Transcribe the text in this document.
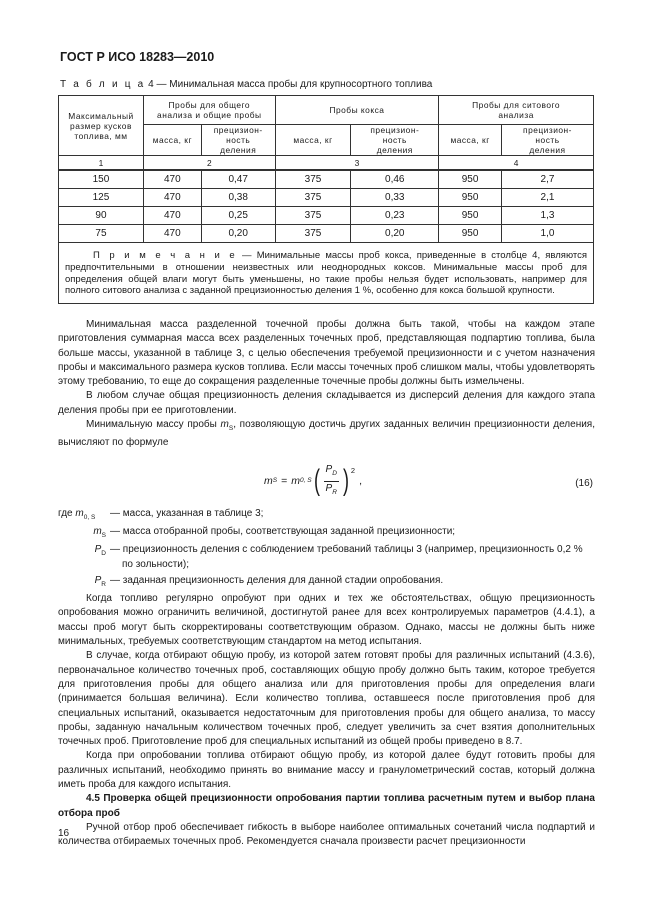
ГОСТ Р ИСО 18283—2010
Т а б л и ц а 4 — Минимальная масса пробы для крупносортного топлива
Максимальный размер кусков топлива, мм	Пробы для общего анализа и общие пробы		Пробы кокса		Пробы для ситового анализа	
	масса, кг	прецизион-ность деления	масса, кг	прецизион-ность деления	масса, кг	прецизион-ность деления
1	2		3		4	
150	470	0,47	375	0,46	950	2,7
125	470	0,38	375	0,33	950	2,1
90	470	0,25	375	0,23	950	1,3
75	470	0,20	375	0,20	950	1,0
П р и м е ч а н и е — Минимальные массы проб кокса, приведенные в столбце 4, являются предпочтительными в отношении неизвестных или неоднородных коксов. Минимальные массы проб для определения общей влаги могут быть уменьшены, но такие пробы нельзя будет использовать, например для полного ситового анализа с заданной прецизионностью деления 1 %, особенно для кокса большой крупности.						

Минимальная масса разделенной точечной пробы должна быть такой, чтобы на каждом этапе приготовления суммарная масса всех разделенных точечных проб, представляющая подпартию топлива, была больше массы, указанной в таблице 3, с целью обеспечения требуемой прецизионности и с учетом назначения пробы и максимального размера кусков топлива. Если массы точечных проб слишком малы, чтобы удовлетворять этому требованию, то еще до сокращения разделенные точечные пробы должны быть измельчены.

В любом случае общая прецизионность деления складывается из дисперсий деления для каждого этапа деления пробы при ее приготовлении.

Минимальную массу пробы $m_S$, позволяющую достичь других заданных величин прецизионности деления, вычисляют по формуле

m S = m 0, S ( $\frac{P_D}{P_R}$ ) $^2$
,	(16)
где $m_{0, S}$	— масса, указанная в таблице 3;
$m_S$ — масса отобранной пробы, соответствующая заданной прецизионности;
$P_D$ — прецизионность деления с соблюдением требований таблицы 3 (например, прецизионность 0,2 %
по зольности);
$P_R$ — заданная прецизионность деления для данной стадии опробования.

Когда топливо регулярно опробуют при одних и тех же обстоятельствах, общую прецизионность опробования можно ограничить величиной, достигнутой ранее для всех контролируемых параметров (4.4.1), а массы проб могут быть скорректированы соответствующим образом. Однако, массы не должны быть ниже минимальных, требуемых соответствующим стандартом на метод испытания.

В случае, когда отбирают общую пробу, из которой затем готовят пробы для различных испытаний (4.3.6), первоначальное количество точечных проб, составляющих общую пробу должно быть таким, которое требуется для приготовления пробы для общего анализа или для приготовления пробы для определения влаги (принимается большая величина). Если количество топлива, оставшееся после приготовления проб для специальных испытаний, оказывается недостаточным для приготовления пробы для общего анализа, то массу пробы, заданную начальным количеством точечных проб, следует увеличить за счет взятия дополнительных точечных проб. Приготовление проб для специальных испытаний из общей пробы приведено в 8.7.

Когда при опробовании топлива отбирают общую пробу, из которой далее будут готовить пробы для различных испытаний, необходимо принять во внимание массу и гранулометрический состав, который должна иметь проба для каждого испытания.

4.5 Проверка общей прецизионности опробования партии топлива расчетным путем и выбор плана отбора проб

Ручной отбор проб обеспечивает гибкость в выборе наиболее оптимальных сочетаний числа подпартий и количества отбираемых точечных проб. Рекомендуется сначала произвести расчет прецизионности

16
